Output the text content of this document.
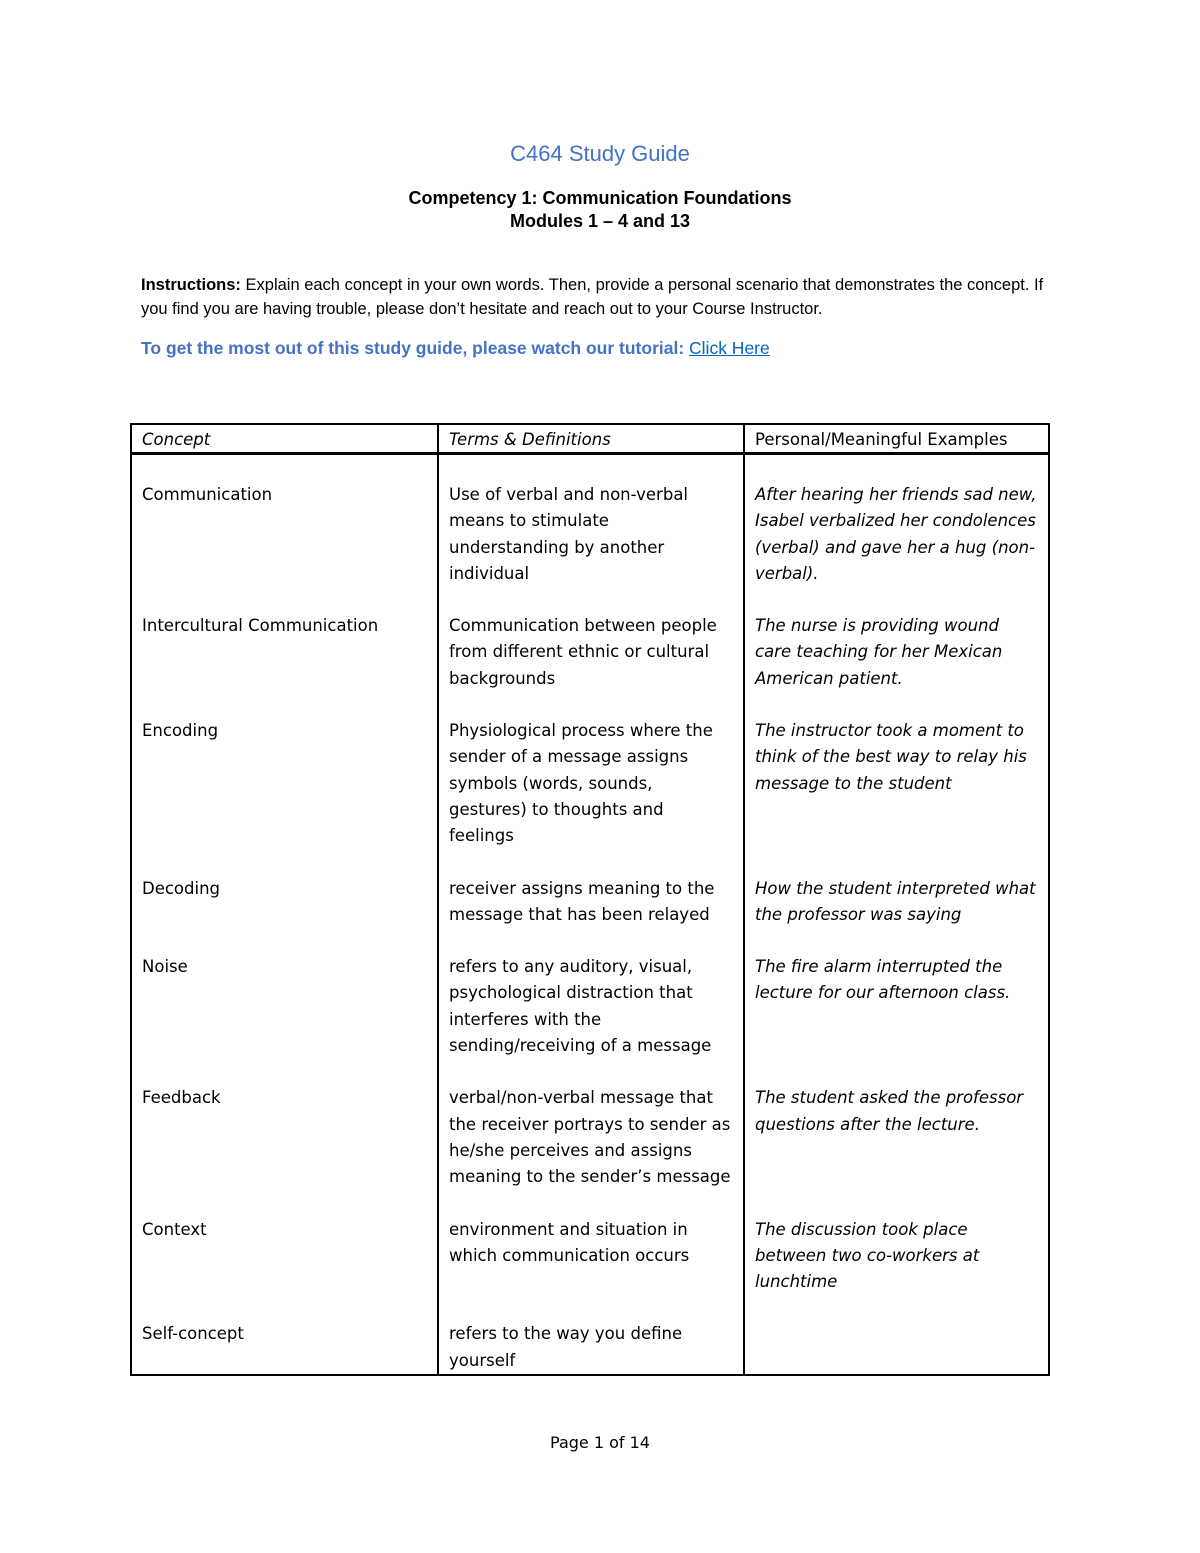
C464 Study Guide
Competency 1: Communication Foundations
Modules 1 – 4 and 13
Instructions: Explain each concept in your own words. Then, provide a personal scenario that demonstrates the concept. If you find you are having trouble, please don’t hesitate and reach out to your Course Instructor.
To get the most out of this study guide, please watch our tutorial: Click Here
Concept	Terms & Definitions	Personal/Meaningful Examples
Communication	Use of verbal and non-verbal means to stimulate understanding by another individual	After hearing her friends sad new, Isabel verbalized her condolences (verbal) and gave her a hug (non-verbal).

Intercultural Communication	Communication between people from different ethnic or cultural backgrounds	The nurse is providing wound care teaching for her Mexican American patient.

Encoding	Physiological process where the sender of a message assigns symbols (words, sounds, gestures) to thoughts and feelings	The instructor took a moment to think of the best way to relay his message to the student

Decoding	receiver assigns meaning to the message that has been relayed	How the student interpreted what the professor was saying

Noise	refers to any auditory, visual, psychological distraction that interferes with the sending/receiving of a message	The fire alarm interrupted the lecture for our afternoon class.

Feedback	verbal/non-verbal message that the receiver portrays to sender as he/she perceives and assigns meaning to the sender’s message	The student asked the professor questions after the lecture.

Context	environment and situation in which communication occurs	The discussion took place between two co-workers at lunchtime

Self-concept	refers to the way you define yourself	
Page 1 of 14
